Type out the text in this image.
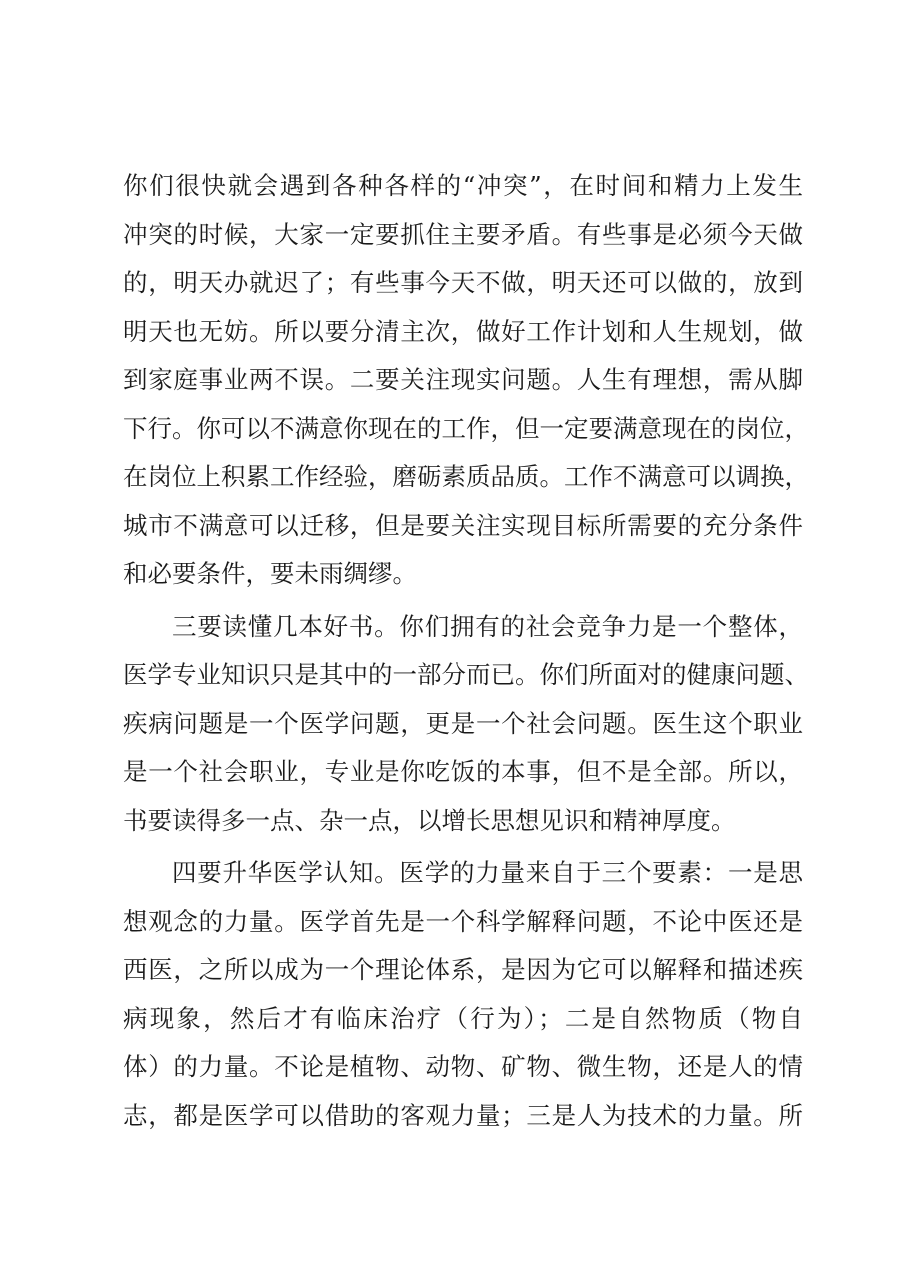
你们很快就会遇到各种各样的“冲突”，在时间和精力上发生
冲突的时候，大家一定要抓住主要矛盾。有些事是必须今天做
的，明天办就迟了；有些事今天不做，明天还可以做的，放到
明天也无妨。所以要分清主次，做好工作计划和人生规划，做
到家庭事业两不误。二要关注现实问题。人生有理想，需从脚
下行。你可以不满意你现在的工作，但一定要满意现在的岗位，
在岗位上积累工作经验，磨砺素质品质。工作不满意可以调换，
城市不满意可以迁移，但是要关注实现目标所需要的充分条件
和必要条件，要未雨绸缪。
三要读懂几本好书。你们拥有的社会竞争力是一个整体，
医学专业知识只是其中的一部分而已。你们所面对的健康问题、
疾病问题是一个医学问题，更是一个社会问题。医生这个职业
是一个社会职业，专业是你吃饭的本事，但不是全部。所以，
书要读得多一点、杂一点，以增长思想见识和精神厚度。
四要升华医学认知。医学的力量来自于三个要素：一是思
想观念的力量。医学首先是一个科学解释问题，不论中医还是
西医，之所以成为一个理论体系，是因为它可以解释和描述疾
病现象，然后才有临床治疗（行为）；二是自然物质（物自
体）的力量。不论是植物、动物、矿物、微生物，还是人的情
志，都是医学可以借助的客观力量；三是人为技术的力量。所
